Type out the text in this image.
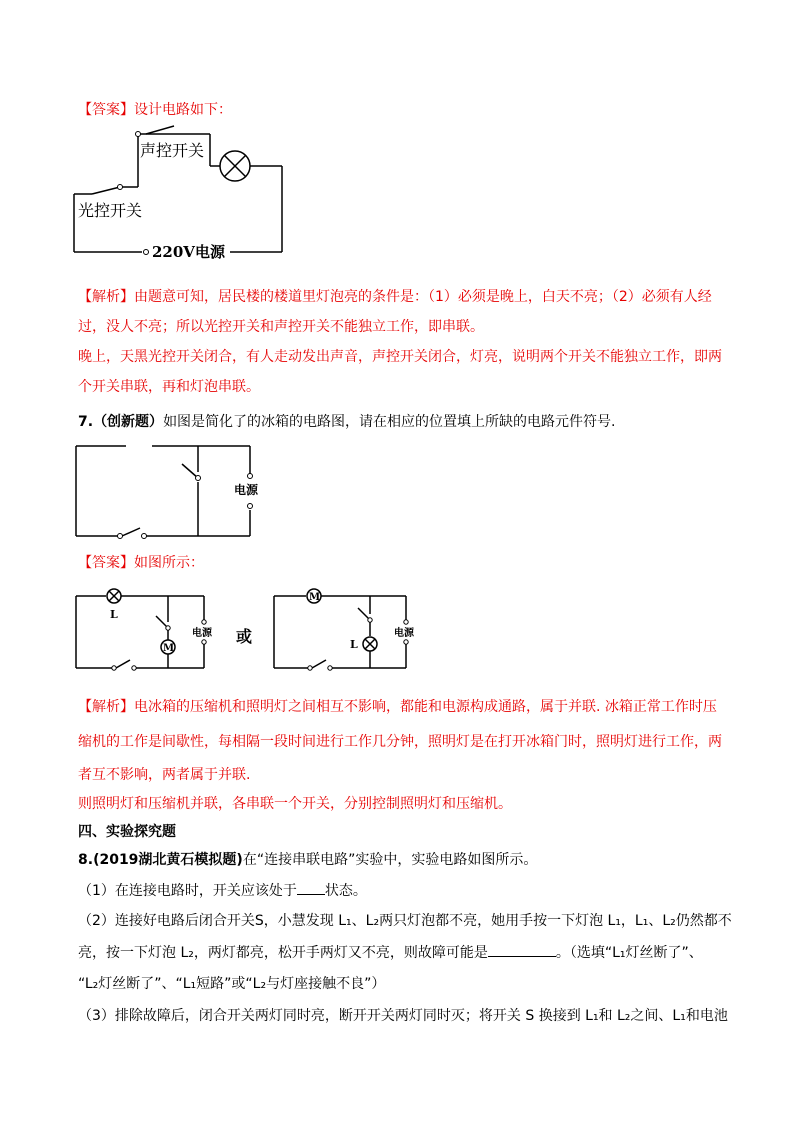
【答案】设计电路如下：
声控开关
光控开关
220V电源
【解析】由题意可知，居民楼的楼道里灯泡亮的条件是：（1）必须是晚上，白天不亮；（2）必须有人经
过，没人不亮；所以光控开关和声控开关不能独立工作，即串联。
晚上，天黑光控开关闭合，有人走动发出声音，声控开关闭合，灯亮，说明两个开关不能独立工作，即两
个开关串联，再和灯泡串联。
7.（创新题）如图是简化了的冰箱的电路图，请在相应的位置填上所缺的电路元件符号.
电源
【答案】如图所示：
L
M
电源 或
M
L
电源
【解析】电冰箱的压缩机和照明灯之间相互不影响，都能和电源构成通路，属于并联. 冰箱正常工作时压
缩机的工作是间歇性，每相隔一段时间进行工作几分钟，照明灯是在打开冰箱门时，照明灯进行工作，两
者互不影响，两者属于并联.
则照明灯和压缩机并联，各串联一个开关，分别控制照明灯和压缩机。
四、实验探究题
8.(2019湖北黄石模拟题)在“连接串联电路”实验中，实验电路如图所示。
（1）在连接电路时，开关应该处于 状态。
（2）连接好电路后闭合开关S，小慧发现 L₁、L₂两只灯泡都不亮，她用手按一下灯泡 L₁，L₁、L₂仍然都不
亮，按一下灯泡 L₂，两灯都亮，松开手两灯又不亮，则故障可能是	。（选填“L₁灯丝断了”、
“L₂灯丝断了”、“L₁短路”或“L₂与灯座接触不良”）
（3）排除故障后，闭合开关两灯同时亮，断开开关两灯同时灭；将开关 S 换接到 L₁和 L₂之间、L₁和电池
